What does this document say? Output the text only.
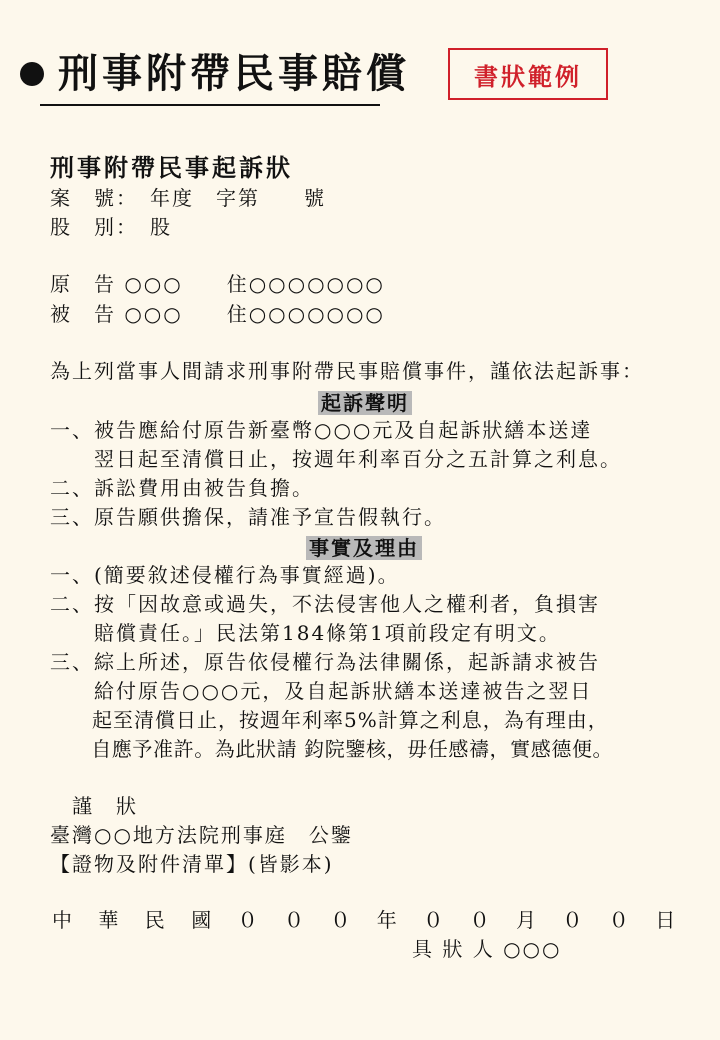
刑事附帶民事賠償	書狀範例
刑事附帶民事起訴狀
案　號：　年度　字第　　號
股　別：　股
原　告 ○○○　　住○○○○○○○
被　告 ○○○　　住○○○○○○○
為上列當事人間請求刑事附帶民事賠償事件，謹依法起訴事：
起訴聲明
一、被告應給付原告新臺幣○○○元及自起訴狀繕本送達
　　翌日起至清償日止，按週年利率百分之五計算之利息。
二、訴訟費用由被告負擔。
三、原告願供擔保，請准予宣告假執行。
事實及理由
一、(簡要敘述侵權行為事實經過)。
二、按「因故意或過失，不法侵害他人之權利者，負損害
　　賠償責任。」民法第184條第1項前段定有明文。
三、綜上所述，原告依侵權行為法律關係，起訴請求被告
　　給付原告○○○元，及自起訴狀繕本送達被告之翌日
　　起至清償日止，按週年利率5%計算之利息，為有理由，
　　自應予准許。為此狀請 鈞院鑒核，毋任感禱，實感德便。
謹　狀
臺灣○○地方法院刑事庭　公鑒
【證物及附件清單】(皆影本)
中　華　民　國　０　０　０　年　０　０　月　０　０　日
具 狀 人 ○○○
